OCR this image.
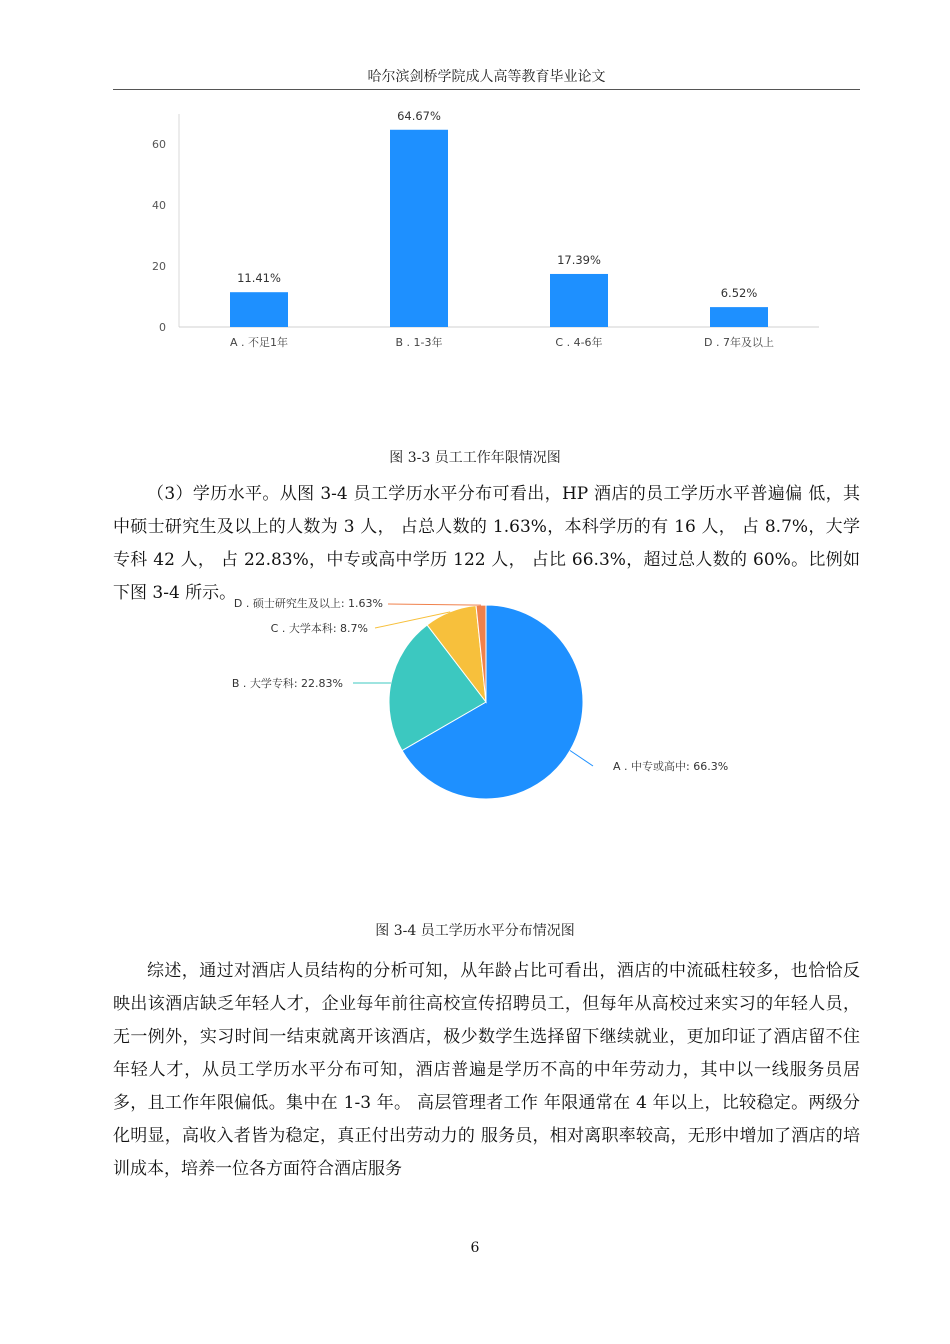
哈尔滨剑桥学院成人高等教育毕业论文
0
20
40
60
11.41%
64.67%
17.39%
6.52%
A . 不足1年	B . 1-3年	C . 4-6年	D . 7年及以上
图 3-3 员工工作年限情况图

（3）学历水平。从图 3-4 员工学历水平分布可看出，HP 酒店的员工学历水平普遍偏 低，其中硕士研究生及以上的人数为 3 人， 占总人数的 1.63%，本科学历的有 16 人， 占 8.7%，大学专科 42 人， 占 22.83%，中专或高中学历 122 人， 占比 66.3%，超过总人数的 60%。比例如下图 3-4 所示。

A . 中专或高中: 66.3%
B . 大学专科: 22.83%
C . 大学本科: 8.7%
D . 硕士研究生及以上: 1.63%
图 3-4 员工学历水平分布情况图

综述，通过对酒店人员结构的分析可知，从年龄占比可看出，酒店的中流砥柱较多，也恰恰反映出该酒店缺乏年轻人才，企业每年前往高校宣传招聘员工，但每年从高校过来实习的年轻人员，无一例外，实习时间一结束就离开该酒店，极少数学生选择留下继续就业，更加印证了酒店留不住年轻人才，从员工学历水平分布可知，酒店普遍是学历不高的中年劳动力，其中以一线服务员居多，且工作年限偏低。集中在 1-3 年。 高层管理者工作 年限通常在 4 年以上，比较稳定。两级分化明显，高收入者皆为稳定，真正付出劳动力的 服务员，相对离职率较高，无形中增加了酒店的培训成本，培养一位各方面符合酒店服务

6
